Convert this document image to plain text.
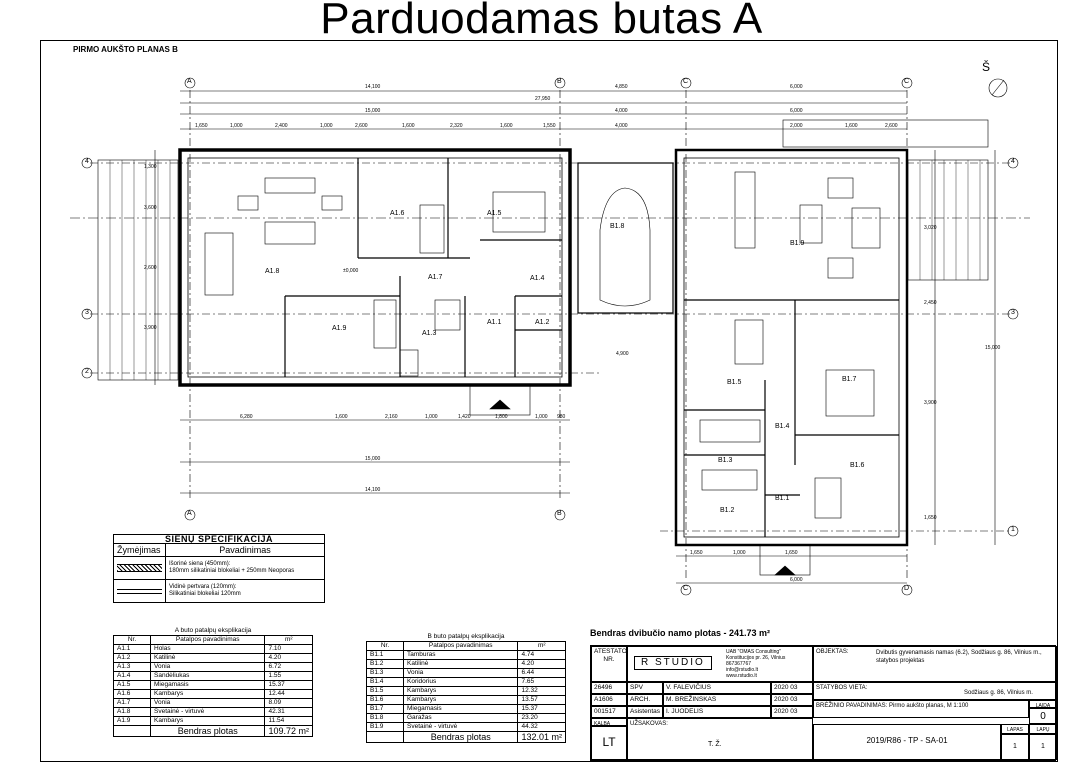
Parduodamas butas A
PIRMO AUKŠTO PLANAS B
Š
A	B	C	C
A	B
C	D
4
3
2
4
3
1
14,100	4,850	6,000
27,950
15,000	4,000	6,000
1,650	1,000	2,400	1,000	2,600	1,600	2,320	1,600	1,550	4,000	2,000	1,600	2,600
6,280	1,600	2,160	1,000	1,420	1,800	1,000 980
4,900
15,000
14,100
1,650	1,000	1,650
6,000
1,300
3,600
2,600
3,900
3,020
2,450
15,000
3,900
1,650
A1.8
A1.6	A1.5
A1.7	A1.4
A1.9
A1.3
A1.1	A1.2
±0,000
B1.8
B1.9
B1.5	B1.7
B1.4
B1.3
B1.6
B1.2
B1.1
SIENŲ SPECIFIKACIJA	
Žymėjimas	Pavadinimas

	Išorinė siena (450mm):
180mm silikatiniai blokeliai + 250mm Neoporas

	Vidinė pertvara (120mm):
Silikatiniai blokeliai 120mm
A buto patalpų eksplikacija		
Nr.	Patalpos pavadinimas	m²
A1.1	Holas	7.10
A1.2	Katilinė	4.20
A1.3	Vonia	6.72
A1.4	Sandėliukas	1.55
A1.5	Miegamasis	15.37
A1.6	Kambarys	12.44
A1.7	Vonia	8.09
A1.8	Svetainė - virtuvė	42.31
A1.9	Kambarys	11.54
	Bendras plotas	109.72 m²
B buto patalpų eksplikacija		
Nr.	Patalpos pavadinimas	m²
B1.1	Tamburas	4.74
B1.2	Katilinė	4.20
B1.3	Vonia	6.44
B1.4	Koridorius	7.65
B1.5	Kambarys	12.32
B1.6	Kambarys	13.57
B1.7	Miegamasis	15.37
B1.8	Garažas	23.20
B1.9	Svetainė - virtuvė	44.32
	Bendras plotas	132.01 m²
Bendras dvibučio namo plotas - 241.73 m²
ATESTATO NR.	R STUDIO
UAB "OMAS Consulting"
Konstitucijos pr. 26, Vilnius
867367767
info@rstudio.lt
www.rstudio.lt
OBJEKTAS:	Dvibutis gyvenamasis namas (6.2), Sodžiaus g. 86, Vilnius m., statybos projektas
26496	SPV	V. FALEVIČIUS	2020 03
A1606	ARCH.	M. BREŽINSKAS	2020 03
001517	Asistentas I. JUODELIS	2020 03
STATYBOS VIETA:
Sodžiaus g. 86, Vilnius m.
BRĖŽINIO PAVADINIMAS: Pirmo aukšto planas, M 1:100	LAIDA
0
KALBA
LT
UŽSAKOVAS:
T. Ž.	2019/R86 - TP - SA-01
LAPAS	LAPŲ
1	1
